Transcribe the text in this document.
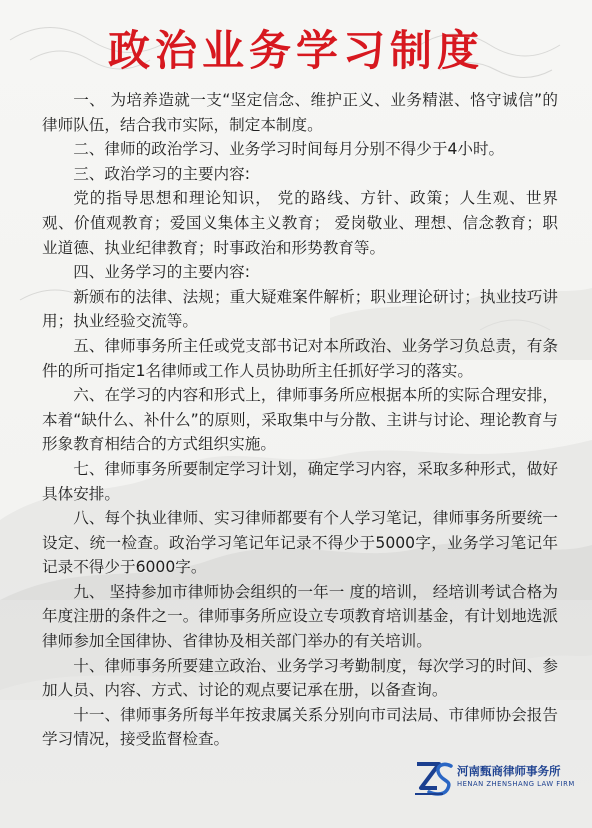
政治业务学习制度

一、 为培养造就一支“坚定信念、维护正义、业务精湛、恪守诚信”的律师队伍，结合我市实际，制定本制度。

二、律师的政治学习、业务学习时间每月分别不得少于4小时。

三、政治学习的主要内容:

党的指导思想和理论知识， 党的路线、方针、政策；人生观、世界观、价值观教育；爱国义集体主义教育； 爱岗敬业、理想、信念教育；职业道德、执业纪律教育；时事政治和形势教育等。

四、业务学习的主要内容:

新颁布的法律、法规；重大疑难案件解析；职业理论研讨；执业技巧讲用；执业经验交流等。

五、律师事务所主任或党支部书记对本所政治、业务学习负总责，有条件的所可指定1名律师或工作人员协助所主任抓好学习的落实。

六、在学习的内容和形式上，律师事务所应根据本所的实际合理安排，本着“缺什么、补什么”的原则，采取集中与分散、主讲与讨论、理论教育与形象教育相结合的方式组织实施。

七、律师事务所要制定学习计划，确定学习内容，采取多种形式，做好具体安排。

八、每个执业律师、实习律师都要有个人学习笔记，律师事务所要统一设定、统一检查。政治学习笔记年记录不得少于5000字，业务学习笔记年记录不得少于6000字。

九、 坚持参加市律师协会组织的一年一 度的培训， 经培训考试合格为年度注册的条件之一。律师事务所应设立专项教育培训基金，有计划地选派律师参加全国律协、省律协及相关部门举办的有关培训。

十、律师事务所要建立政治、业务学习考勤制度，每次学习的时间、参加人员、内容、方式、讨论的观点要记承在册，以备查询。

十一、律师事务所每半年按隶属关系分别向市司法局、市律师协会报告学习情况，接受监督检查。

河南甄商律师事务所
HENAN ZHENSHANG LAW FIRM
